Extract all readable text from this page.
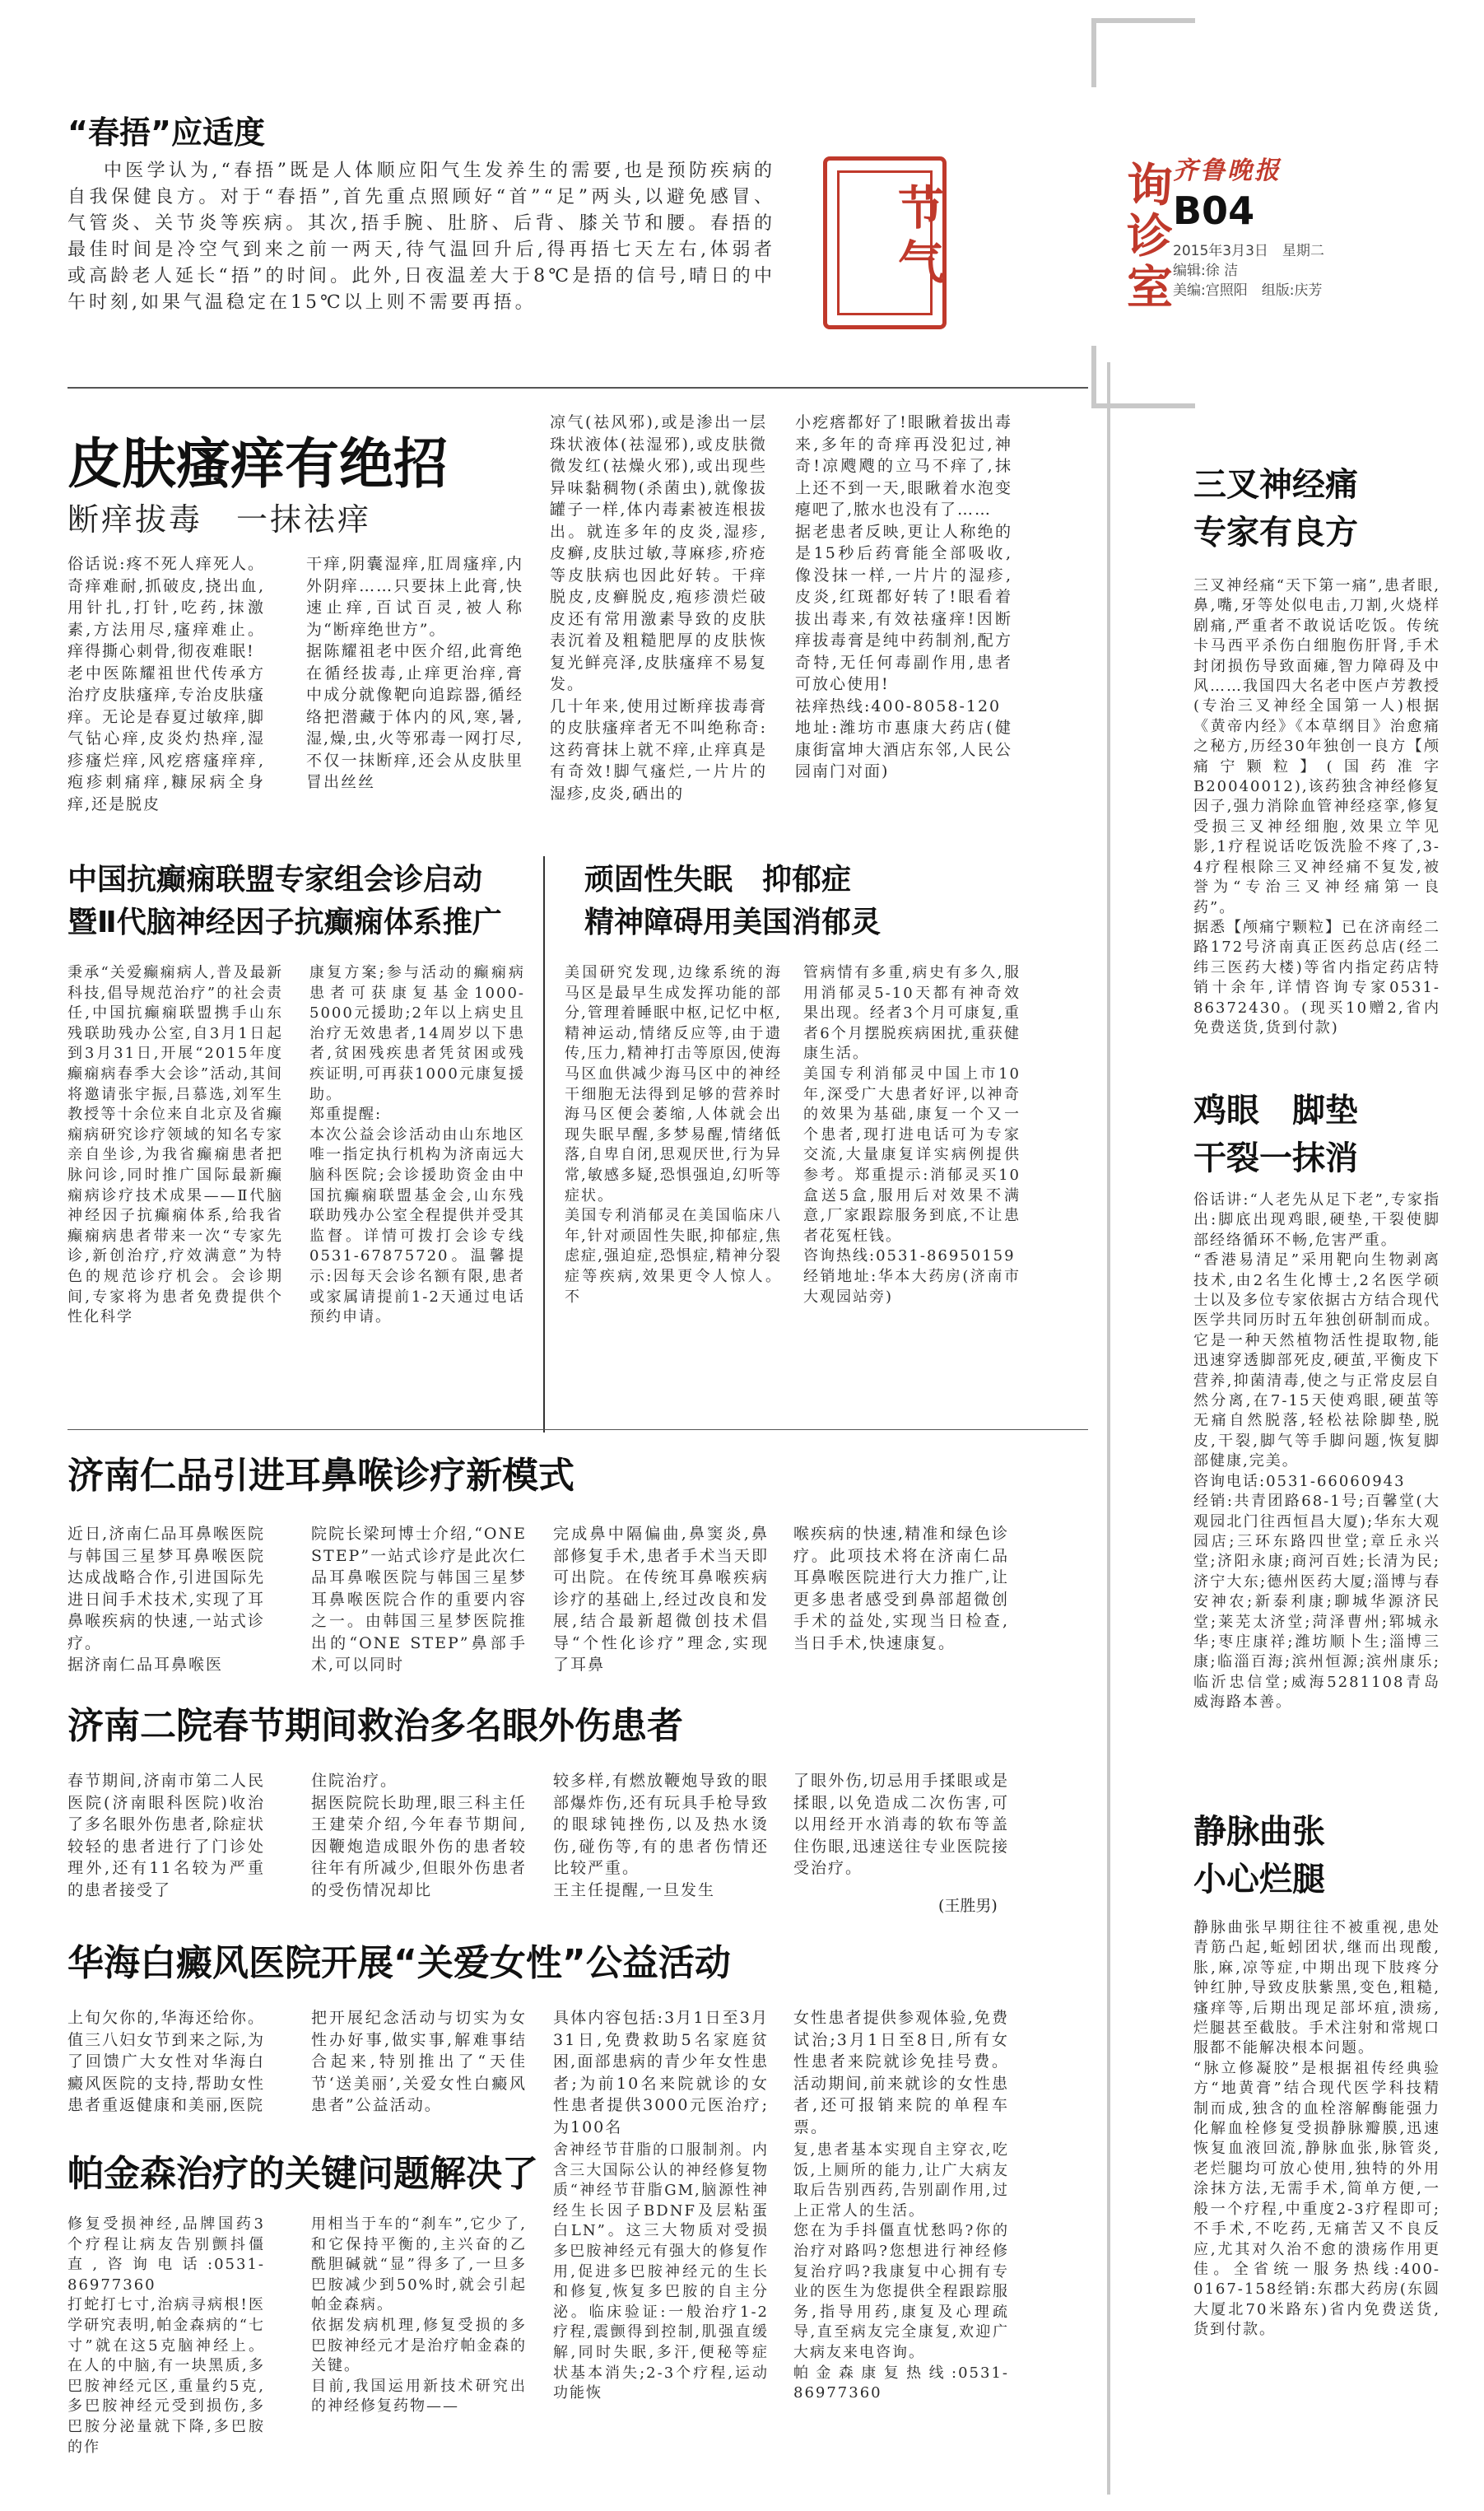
询诊室 齐鲁晚报
B04
2015年3月3日　星期二
编辑:徐 洁
美编:宫照阳　组版:庆芳
“春捂”应适度

中医学认为,“春捂”既是人体顺应阳气生发养生的需要,也是预防疾病的自我保健良方。对于“春捂”,首先重点照顾好“首”“足”两头,以避免感冒、气管炎、关节炎等疾病。其次,捂手腕、肚脐、后背、膝关节和腰。春捂的最佳时间是冷空气到来之前一两天,待气温回升后,得再捂七天左右,体弱者或高龄老人延长“捂”的时间。此外,日夜温差大于8℃是捂的信号,晴日的中午时刻,如果气温稳定在15℃以上则不需要再捂。

节气
皮肤瘙痒有绝招
断痒拔毒　一抹祛痒
俗话说:疼不死人痒死人。奇痒难耐,抓破皮,挠出血,用针扎,打针,吃药,抹激素,方法用尽,瘙痒难止。痒得撕心刺骨,彻夜难眠!
老中医陈耀祖世代传承方治疗皮肤瘙痒,专治皮肤瘙痒。无论是春夏过敏痒,脚气钻心痒,皮炎灼热痒,湿疹瘙烂痒,风疙瘩瘙痒痒,疱疹刺痛痒,糠尿病全身痒,还是脱皮
干痒,阴囊湿痒,肛周瘙痒,内外阴痒……只要抹上此膏,快速止痒,百试百灵,被人称为“断痒绝世方”。
据陈耀祖老中医介绍,此膏绝在循经拔毒,止痒更治痒,膏中成分就像靶向追踪器,循经络把潜藏于体内的风,寒,暑,湿,燥,虫,火等邪毒一网打尽,不仅一抹断痒,还会从皮肤里冒出丝丝
凉气(祛风邪),或是渗出一层珠状液体(祛湿邪),或皮肤微微发红(祛燥火邪),或出现些异味黏稠物(杀菌虫),就像拔罐子一样,体内毒素被连根拔出。就连多年的皮炎,湿疹,皮癣,皮肤过敏,荨麻疹,疥疮等皮肤病也因此好转。干痒脱皮,皮癣脱皮,疱疹溃烂破皮还有常用激素导致的皮肤表沉着及粗糙肥厚的皮肤恢复光鲜亮泽,皮肤瘙痒不易复发。
几十年来,使用过断痒拔毒膏的皮肤瘙痒者无不叫绝称奇:这药膏抹上就不痒,止痒真是有奇效!脚气瘙烂,一片片的湿疹,皮炎,硒出的
小疙瘩都好了!眼瞅着拔出毒来,多年的奇痒再没犯过,神奇!凉飕飕的立马不痒了,抹上还不到一天,眼瞅着水泡变瘪吧了,脓水也没有了……
据老患者反映,更让人称绝的是15秒后药膏能全部吸收,像没抹一样,一片片的湿疹,皮炎,红斑都好转了!眼看着拔出毒来,有效祛瘙痒!因断痒拔毒膏是纯中药制剂,配方奇特,无任何毒副作用,患者可放心使用!
祛痒热线:400-8058-120
地址:潍坊市惠康大药店(健康街富坤大酒店东邻,人民公园南门对面)
中国抗癫痫联盟专家组会诊启动
暨Ⅱ代脑神经因子抗癫痫体系推广
秉承“关爱癫痫病人,普及最新科技,倡导规范治疗”的社会责任,中国抗癫痫联盟携手山东残联助残办公室,自3月1日起到3月31日,开展“2015年度癫痫病春季大会诊”活动,其间将邀请张宇振,吕慕选,刘军生教授等十余位来自北京及省癫痫病研究诊疗领域的知名专家亲自坐诊,为我省癫痫患者把脉问诊,同时推广国际最新癫痫病诊疗技术成果——Ⅱ代脑神经因子抗癫痫体系,给我省癫痫病患者带来一次“专家先诊,新创治疗,疗效满意”为特色的规范诊疗机会。会诊期间,专家将为患者免费提供个性化科学
康复方案;参与活动的癫痫病患者可获康复基金1000-5000元援助;2年以上病史且治疗无效患者,14周岁以下患者,贫困残疾患者凭贫困或残疾证明,可再获1000元康复援助。
郑重提醒:
本次公益会诊活动由山东地区唯一指定执行机构为济南远大脑科医院;会诊援助资金由中国抗癫痫联盟基金会,山东残联助残办公室全程提供并受其监督。详情可拨打会诊专线0531-67875720。温馨提示:因每天会诊名额有限,患者或家属请提前1-2天通过电话预约申请。
顽固性失眠　抑郁症
精神障碍用美国消郁灵
美国研究发现,边缘系统的海马区是最早生成发挥功能的部分,管理着睡眠中枢,记忆中枢,精神运动,情绪反应等,由于遗传,压力,精神打击等原因,使海马区血供减少海马区中的神经干细胞无法得到足够的营养时海马区便会萎缩,人体就会出现失眠早醒,多梦易醒,情绪低落,自卑自闭,思观厌世,行为异常,敏感多疑,恐惧强迫,幻听等症状。
美国专利消郁灵在美国临床八年,针对顽固性失眠,抑郁症,焦虑症,强迫症,恐惧症,精神分裂症等疾病,效果更令人惊人。不
管病情有多重,病史有多久,服用消郁灵5-10天都有神奇效果出现。经者3个月可康复,重者6个月摆脱疾病困扰,重获健康生活。
美国专利消郁灵中国上市10年,深受广大患者好评,以神奇的效果为基础,康复一个又一个患者,现打进电话可为专家交流,大量康复详实病例提供参考。郑重提示:消郁灵买10盒送5盒,服用后对效果不满意,厂家跟踪服务到底,不让患者花冤枉钱。
咨询热线:0531-86950159
经销地址:华本大药房(济南市大观园站旁)
济南仁品引进耳鼻喉诊疗新模式
近日,济南仁品耳鼻喉医院与韩国三星梦耳鼻喉医院达成战略合作,引进国际先进日间手术技术,实现了耳鼻喉疾病的快速,一站式诊疗。
据济南仁品耳鼻喉医
院院长梁珂博士介绍,“ONE STEP”一站式诊疗是此次仁品耳鼻喉医院与韩国三星梦耳鼻喉医院合作的重要内容之一。由韩国三星梦医院推出的“ONE STEP”鼻部手术,可以同时
完成鼻中隔偏曲,鼻窦炎,鼻部修复手术,患者手术当天即可出院。在传统耳鼻喉疾病诊疗的基础上,经过改良和发展,结合最新超微创技术倡导“个性化诊疗”理念,实现了耳鼻
喉疾病的快速,精准和绿色诊疗。此项技术将在济南仁品耳鼻喉医院进行大力推广,让更多患者感受到鼻部超微创手术的益处,实现当日检查,当日手术,快速康复。
济南二院春节期间救治多名眼外伤患者
春节期间,济南市第二人民医院(济南眼科医院)收治了多名眼外伤患者,除症状较轻的患者进行了门诊处理外,还有11名较为严重的患者接受了
住院治疗。
据医院院长助理,眼三科主任王建荣介绍,今年春节期间,因鞭炮造成眼外伤的患者较往年有所减少,但眼外伤患者的受伤情况却比
较多样,有燃放鞭炮导致的眼部爆炸伤,还有玩具手枪导致的眼球钝挫伤,以及热水烫伤,碰伤等,有的患者伤情还比较严重。
王主任提醒,一旦发生
了眼外伤,切忌用手揉眼或是揉眼,以免造成二次伤害,可以用经开水消毒的软布等盖住伤眼,迅速送往专业医院接受治疗。
(王胜男)
华海白癜风医院开展“关爱女性”公益活动
上旬欠你的,华海还给你。值三八妇女节到来之际,为了回馈广大女性对华海白癜风医院的支持,帮助女性患者重返健康和美丽,医院
把开展纪念活动与切实为女性办好事,做实事,解难事结合起来,特别推出了“天佳节‘送美丽’,关爱女性白癜风患者”公益活动。
具体内容包括:3月1日至3月31日,免费救助5名家庭贫困,面部患病的青少年女性患者;为前10名来院就诊的女性患者提供3000元医治疗;为100名
女性患者提供参观体验,免费试治;3月1日至8日,所有女性患者来院就诊免挂号费。活动期间,前来就诊的女性患者,还可报销来院的单程车票。
帕金森治疗的关键问题解决了
修复受损神经,品牌国药3个疗程让病友告别颤抖僵直,咨询电话:0531-86977360
打蛇打七寸,治病寻病根!医学研究表明,帕金森病的“七寸”就在这5克脑神经上。在人的中脑,有一块黑质,多巴胺神经元区,重量约5克,多巴胺神经元受到损伤,多巴胺分泌量就下降,多巴胺的作
用相当于车的“刹车”,它少了,和它保持平衡的,主兴奋的乙酰胆碱就“显”得多了,一旦多巴胺减少到50%时,就会引起帕金森病。
依据发病机理,修复受损的多巴胺神经元才是治疗帕金森的关键。
目前,我国运用新技术研究出的神经修复药物——
舍神经节苷脂的口服制剂。内含三大国际公认的神经修复物质“神经节苷脂GM,脑源性神经生长因子BDNF及层粘蛋白LN”。这三大物质对受损多巴胺神经元有强大的修复作用,促进多巴胺神经元的生长和修复,恢复多巴胺的自主分泌。临床验证:一般治疗1-2疗程,震颤得到控制,肌强直缓解,同时失眠,多汗,便秘等症状基本消失;2-3个疗程,运动功能恢
复,患者基本实现自主穿衣,吃饭,上厕所的能力,让广大病友取后告别西药,告别副作用,过上正常人的生活。
您在为手抖僵直忧愁吗?你的治疗对路吗?您想进行神经修复治疗吗?我康复中心拥有专业的医生为您提供全程跟踪服务,指导用药,康复及心理疏导,直至病友完全康复,欢迎广大病友来电咨询。
帕金森康复热线:0531-86977360
三叉神经痛
专家有良方
三叉神经痛“天下第一痛”,患者眼,鼻,嘴,牙等处似电击,刀割,火烧样剧痛,严重者不敢说话吃饭。传统卡马西平杀伤白细胞伤肝肾,手术封闭损伤导致面瘫,智力障碍及中风……我国四大名老中医卢芳教授(专治三叉神经全国第一人)根据《黄帝内经》《本草纲目》治愈痛之秘方,历经30年独创一良方【颅痛宁颗粒】(国药准字B20040012),该药独含神经修复因子,强力消除血管神经痉挛,修复受损三叉神经细胞,效果立竿见影,1疗程说话吃饭洗脸不疼了,3-4疗程根除三叉神经痛不复发,被誉为“专治三叉神经痛第一良药”。
据悉【颅痛宁颗粒】已在济南经二路172号济南真正医药总店(经二纬三医药大楼)等省内指定药店特销十余年,详情咨询专家0531-86372430。(现买10赠2,省内免费送货,货到付款)
鸡眼　脚垫
干裂一抹消
俗话讲:“人老先从足下老”,专家指出:脚底出现鸡眼,硬垫,干裂使脚部经络循环不畅,危害严重。
“香港易清足”采用靶向生物剥离技术,由2名生化博士,2名医学硕士以及多位专家依据古方结合现代医学共同历时五年独创研制而成。它是一种天然植物活性提取物,能迅速穿透脚部死皮,硬茧,平衡皮下营养,抑菌清毒,使之与正常皮层自然分离,在7-15天使鸡眼,硬茧等无痛自然脱落,轻松祛除脚垫,脱皮,干裂,脚气等手脚问题,恢复脚部健康,完美。
咨询电话:0531-66060943
经销:共青团路68-1号;百馨堂(大观园北门往西恒昌大厦);华东大观园店;三环东路四世堂;章丘永兴堂;济阳永康;商河百姓;长清为民;济宁大东;德州医药大厦;淄博与春安神农;新泰利康;聊城华源济民堂;莱芜太济堂;菏泽曹州;郓城永华;枣庄康祥;潍坊顺卜生;淄博三康;临淄百海;滨州恒源;滨州康乐;临沂忠信堂;威海5281108青岛威海路本善。
静脉曲张
小心烂腿
静脉曲张早期往往不被重视,患处青筋凸起,蚯蚓团状,继而出现酸,胀,麻,凉等症,中期出现下肢疼分钟红肿,导致皮肤紫黑,变色,粗糙,瘙痒等,后期出现足部坏疽,溃疡,烂腿甚至截肢。手术注射和常规口服都不能解决根本问题。
“脉立修凝胶”是根据祖传经典验方“地黄膏”结合现代医学科技精制而成,独含的血栓溶解酶能强力化解血栓修复受损静脉瓣膜,迅速恢复血液回流,静脉血张,脉管炎,老烂腿均可放心使用,独特的外用涂抹方法,无需手术,简单方便,一般一个疗程,中重度2-3疗程即可;不手术,不吃药,无痛苦又不良反应,尤其对久治不愈的溃疡作用更佳。全省统一服务热线:400-0167-158经销:东郡大药房(东圆大厦北70米路东)省内免费送货,货到付款。
